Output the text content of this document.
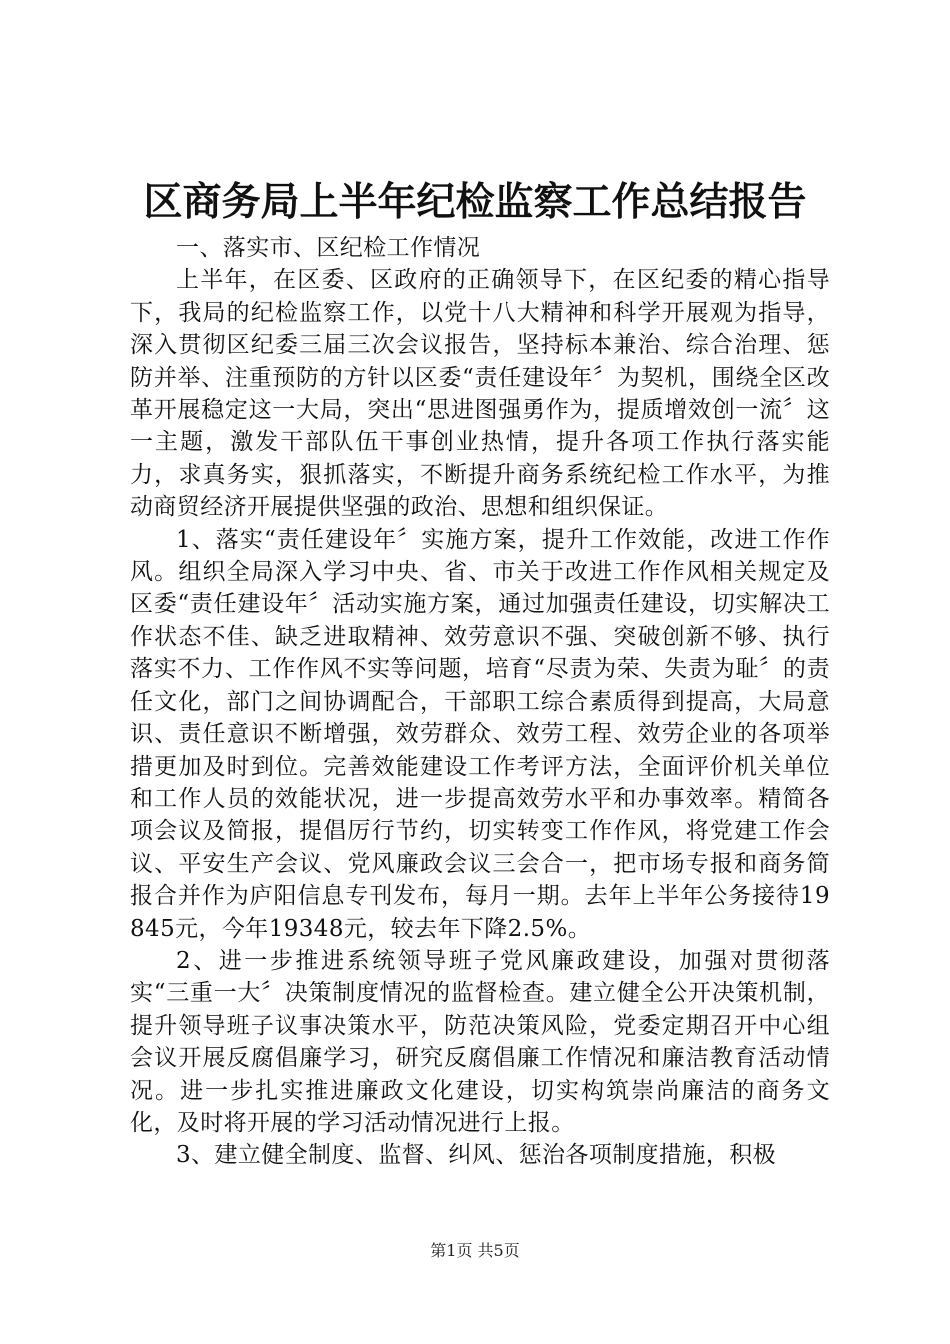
区商务局上半年纪检监察工作总结报告

一、落实市、区纪检工作情况

上半年，在区委、区政府的正确领导下，在区纪委的精心指导下，我局的纪检监察工作，以党十八大精神和科学开展观为指导，深入贯彻区纪委三届三次会议报告，坚持标本兼治、综合治理、惩防并举、注重预防的方针以区委“责任建设年〞为契机，围绕全区改革开展稳定这一大局，突出“思进图强勇作为，提质增效创一流〞这一主题，激发干部队伍干事创业热情，提升各项工作执行落实能力，求真务实，狠抓落实，不断提升商务系统纪检工作水平，为推动商贸经济开展提供坚强的政治、思想和组织保证。

1、落实“责任建设年〞实施方案，提升工作效能，改进工作作风。组织全局深入学习中央、省、市关于改进工作作风相关规定及区委“责任建设年〞活动实施方案，通过加强责任建设，切实解决工作状态不佳、缺乏进取精神、效劳意识不强、突破创新不够、执行落实不力、工作作风不实等问题，培育“尽责为荣、失责为耻〞的责任文化，部门之间协调配合，干部职工综合素质得到提高，大局意识、责任意识不断增强，效劳群众、效劳工程、效劳企业的各项举措更加及时到位。完善效能建设工作考评方法，全面评价机关单位和工作人员的效能状况，进一步提高效劳水平和办事效率。精简各项会议及简报，提倡厉行节约，切实转变工作作风，将党建工作会议、平安生产会议、党风廉政会议三会合一，把市场专报和商务简报合并作为庐阳信息专刊发布，每月一期。去年上半年公务接待19845元，今年19348元，较去年下降2.5%。

2、进一步推进系统领导班子党风廉政建设，加强对贯彻落实“三重一大〞决策制度情况的监督检查。建立健全公开决策机制，提升领导班子议事决策水平，防范决策风险，党委定期召开中心组会议开展反腐倡廉学习，研究反腐倡廉工作情况和廉洁教育活动情况。进一步扎实推进廉政文化建设，切实构筑崇尚廉洁的商务文化，及时将开展的学习活动情况进行上报。

3、建立健全制度、监督、纠风、惩治各项制度措施，积极

第1页 共5页
